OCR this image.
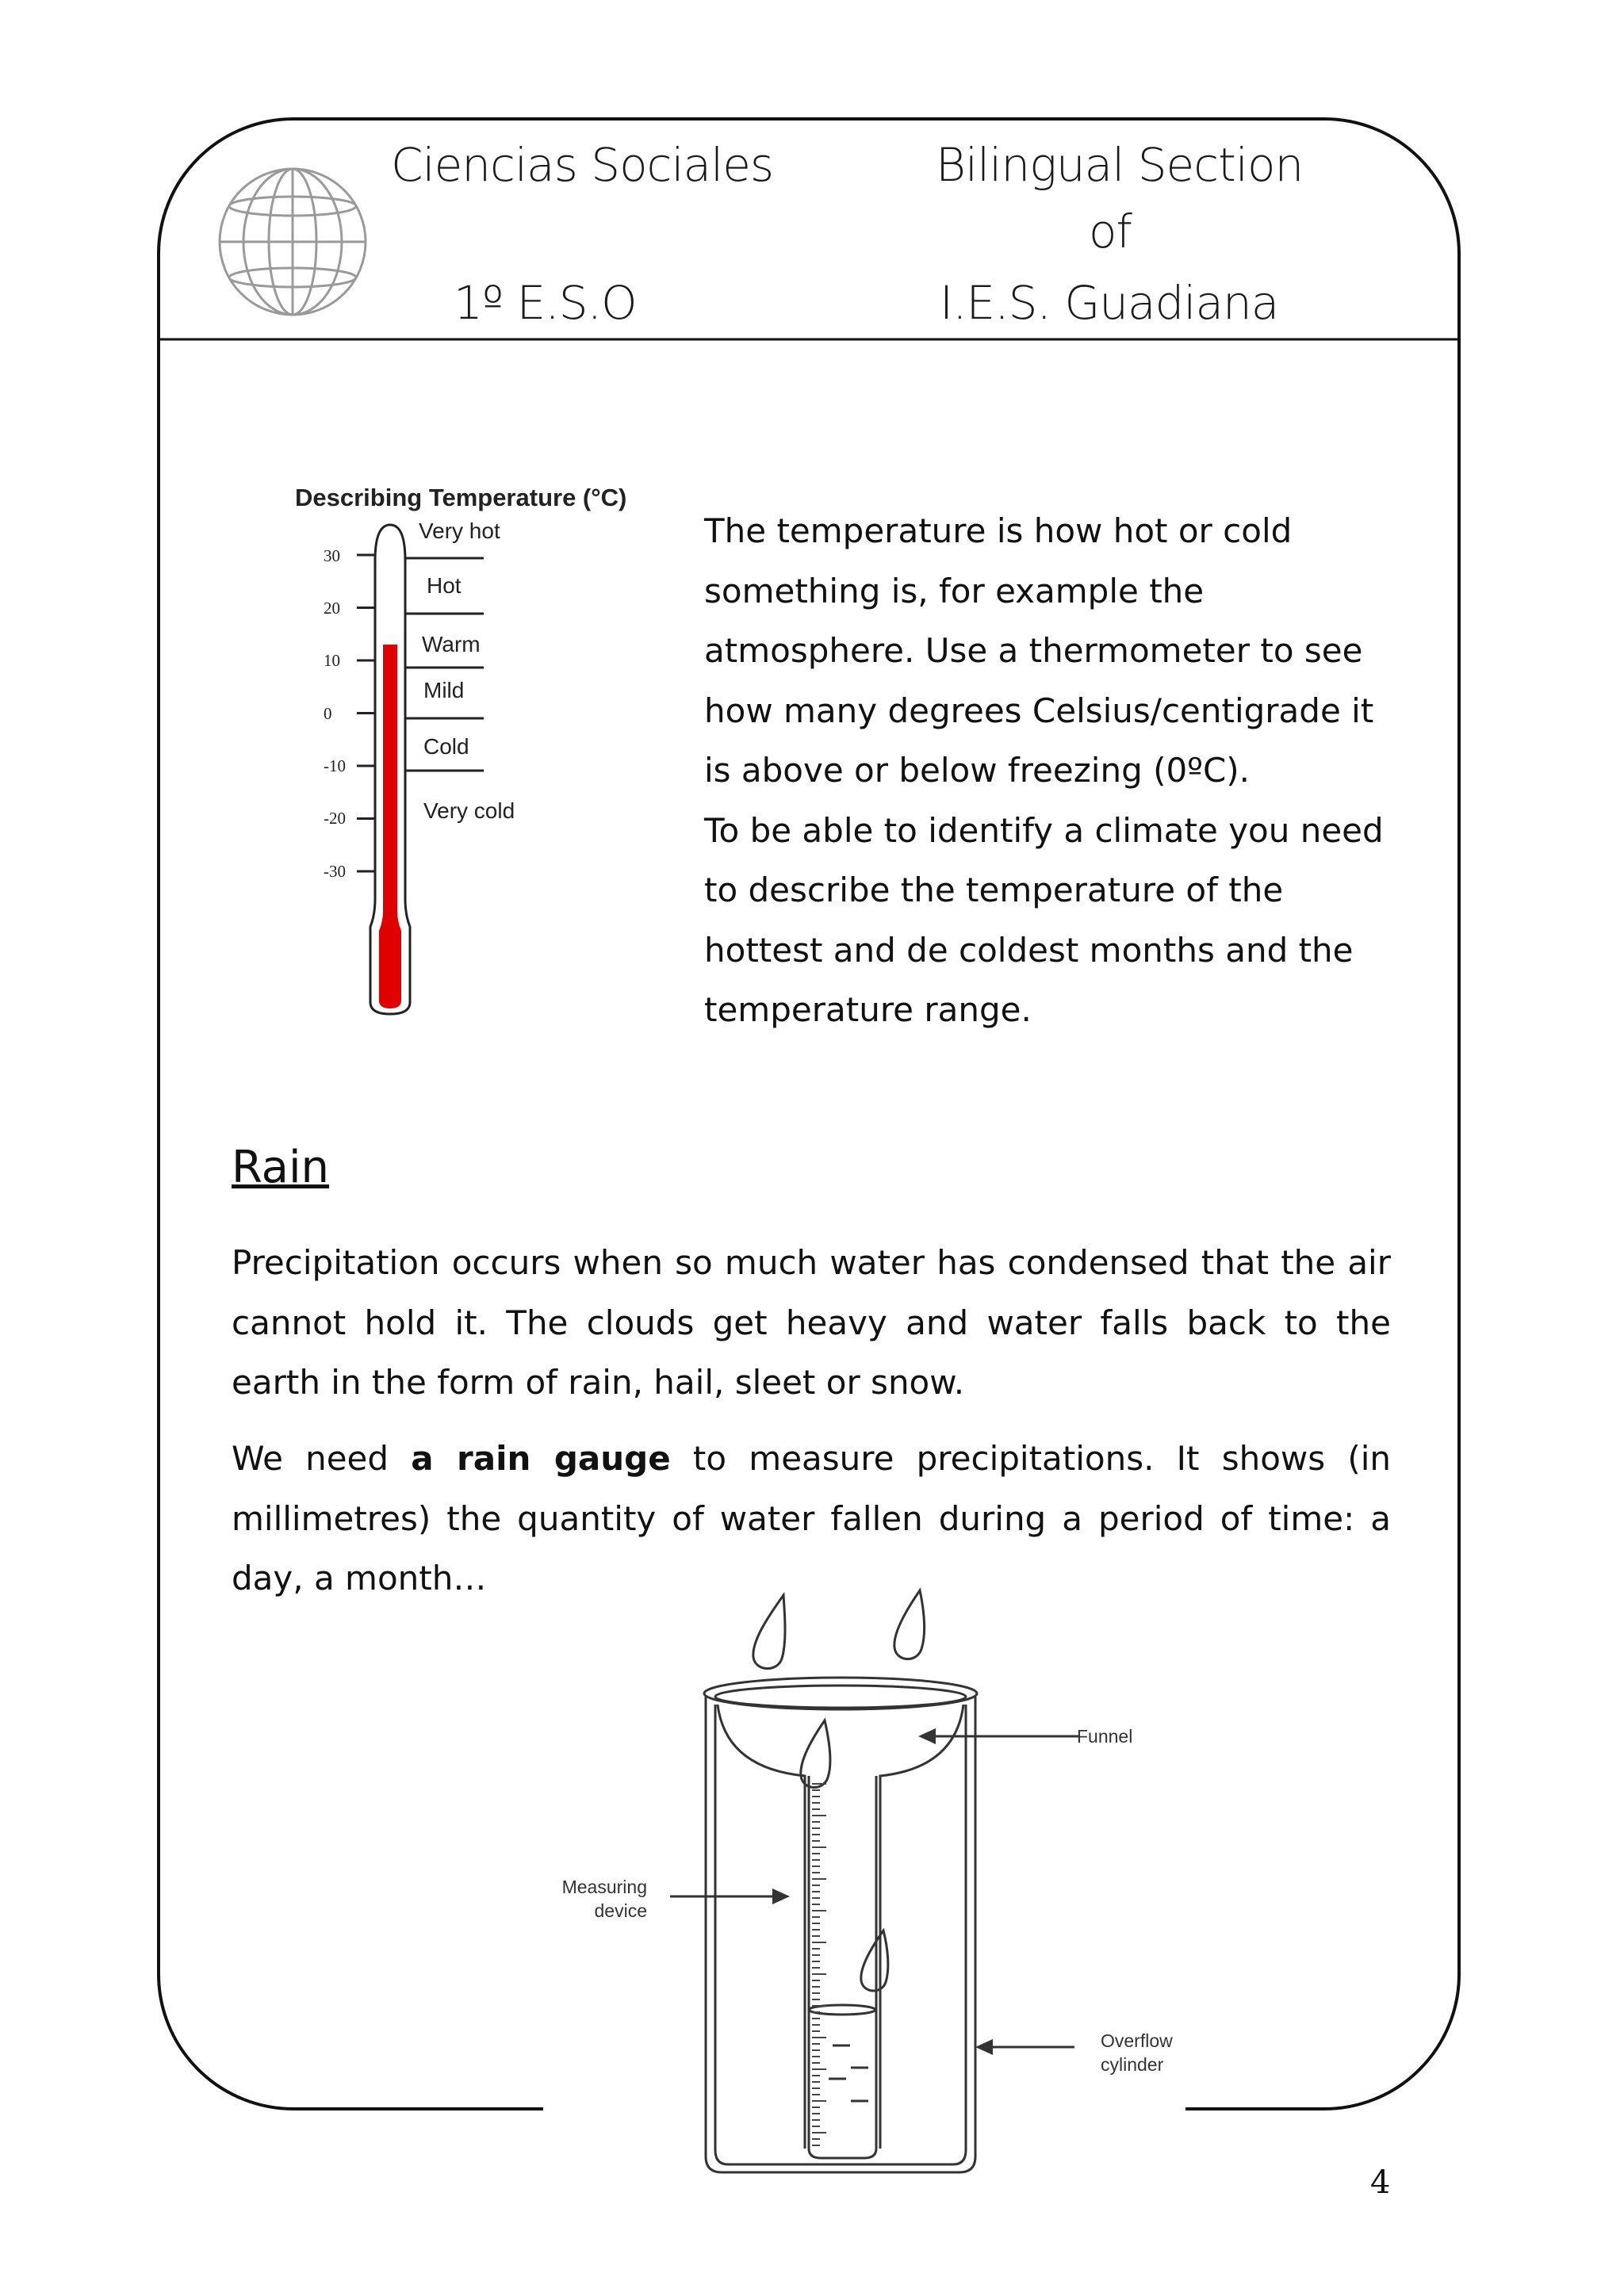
Ciencias Sociales
1º E.S.O
Bilingual Section
of
I.E.S. Guadiana
Describing Temperature (°C)
30
20
10
0
-10
-20
-30
Very hot
Hot
Warm
Mild
Cold
Very cold

The temperature is how hot or cold something is, for example the atmosphere. Use a thermometer to see how many degrees Celsius/centigrade it is above or below freezing (0ºC).
To be able to identify a climate you need to describe the temperature of the hottest and de coldest months and the temperature range.

Rain

Precipitation occurs when so much water has condensed that the air cannot hold it. The clouds get heavy and water falls back to the earth in the form of rain, hail, sleet or snow.

We need a rain gauge to measure precipitations. It shows (in millimetres) the quantity of water fallen during a period of time: a day, a month…

Funnel
Measuring
device
Overflow
cylinder
4
